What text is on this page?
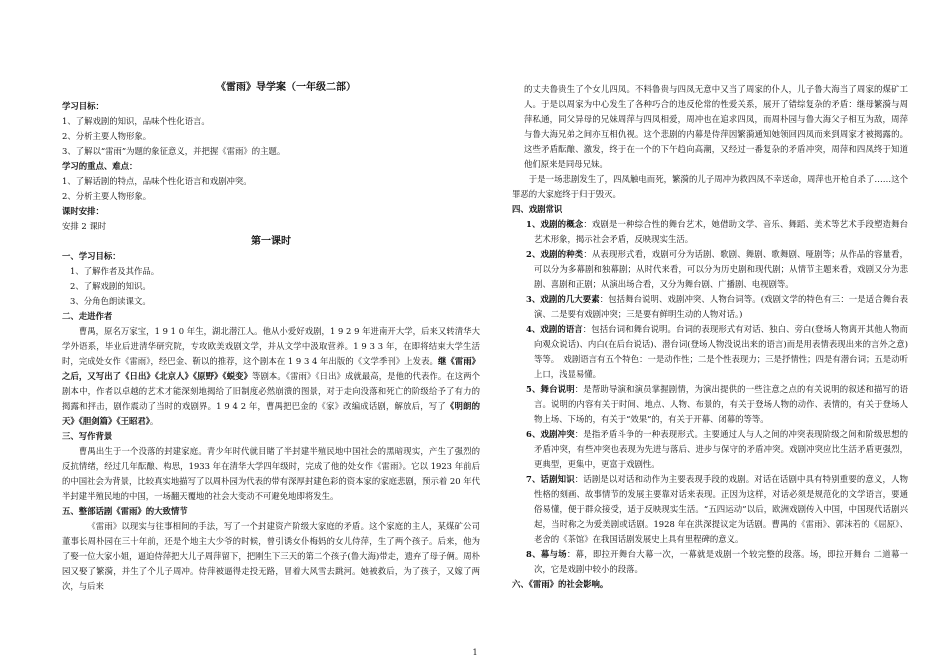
《雷雨》导学案（一年级二部）

学习目标：

1、了解戏剧的知识，品味个性化语言。

2、分析主要人物形象。

3、了解以“雷雨”为题的象征意义，并把握《雷雨》的主题。

学习的重点、难点：

1、了解话剧的特点，品味个性化语言和戏剧冲突。

2、分析主要人物形象。

课时安排：

安排 2 课时

第一课时

一、学习目标：

1、了解作者及其作品。

2、了解戏剧的知识。

3、分角色朗读课文。

二、走进作者

曹禺，原名万家宝，1 9 1 0 年生，湖北潜江人。他从小爱好戏剧，1 9 2 9 年进南开大学，后来又转清华大学外语系，毕业后进清华研究院，专攻欧美戏剧文学，并从文学中汲取营养。1 9 3 3 年，在即将结束大学生活时，完成处女作《雷雨》，经巴金、靳以的推荐，这个剧本在 1 9 3 4 年出版的《文学季刊》上发表。继《雷雨》之后，又写出了《日出》《北京人》《原野》《蜕变》等剧本。《雷雨》《日出》成就最高，是他的代表作。在这两个剧本中，作者以卓越的艺术才能深刻地揭给了旧制度必然崩溃的图景，对于走向没落和死亡的阶级给予了有力的揭露和抨击，剧作震动了当时的戏剧界。1 9 4 2 年，曹禺把巴金的《家》改编成话剧，解放后，写了《明朗的天》《胆剑篇》《王昭君》。

三、写作背景

曹禺出生于一个没落的封建家庭。青少年时代就目睹了半封建半殖民地中国社会的黑暗现实，产生了强烈的反抗情绪，经过几年酝酿、构思，1933 年在清华大学四年级时，完成了他的处女作《雷雨》。它以 1923 年前后的中国社会为背景，比较真实地描写了以周朴园为代表的带有深厚封建色彩的资本家的家庭悲剧，预示着 20 年代半封建半殖民地的中国，一场翻天覆地的社会大变动不可避免地即将发生。

五、整部话剧《雷雨》的大致情节

《雷雨》以现实与往事相间的手法，写了一个封建资产阶级大家庭的矛盾。这个家庭的主人，某煤矿公司董事长周朴园在三十年前，还是个地主大少爷的时候，曾引诱女仆梅妈的女儿侍萍，生了两个孩子。后来，他为了娶一位大家小姐，逼迫侍萍把大儿子周萍留下，把刚生下三天的第二个孩子(鲁大海)带走，遗弃了母子俩。周朴园又娶了繁漪，并生了个儿子周冲。侍萍被逼得走投无路，冒着大风雪去跳河。她被救后，为了孩子，又嫁了两次，与后来

的丈夫鲁贵生了个女儿四凤。不料鲁贵与四凤无意中又当了周家的仆人，儿子鲁大海当了周家的煤矿工人。于是以周家为中心发生了各种巧合的违反伦常的性爱关系，展开了错综复杂的矛盾：继母繁漪与周萍私通，同父异母的兄妹周萍与四凤相爱，周冲也在追求四凤，而周朴园与鲁大海父子相互为敌，周萍与鲁大海兄弟之间亦互相仇视。这个悲剧的内幕是侍萍因繁漪通知她领回四凤而来到周家才被揭露的。这些矛盾酝酿、激发，终于在一个的下午趋向高潮，又经过一番复杂的矛盾冲突，周萍和四凤终于知道他们原来是同母兄妹。

于是一场悲剧发生了，四凤触电而死，繁漪的儿子周冲为救四凤不幸送命，周萍也开枪自杀了……这个罪恶的大家庭终于归于毁灭。

四、戏剧常识

1、戏剧的概念：戏剧是一种综合性的舞台艺术，她借助文学、音乐、舞蹈、美术等艺术手段塑造舞台艺术形象，揭示社会矛盾，反映现实生活。

2、戏剧的种类：从表现形式看，戏剧可分为话剧、歌剧、舞剧、歌舞剧、哑剧等；从作品的容量看，可以分为多幕剧和独幕剧；从时代来看，可以分为历史剧和现代剧；从情节主题来看，戏剧又分为悲剧、喜剧和正剧；从演出场合看，又分为舞台剧、广播剧、电视剧等。

3、戏剧的几大要素：包括舞台说明、戏剧冲突、人物台词等。(戏剧文学的特色有三：一是适合舞台表演、二是要有戏剧冲突；三是要有鲜明生动的人物对话。)

4、戏剧的语言：包括台词和舞台说明。台词的表现形式有对话、独白、旁白(登场人物离开其他人物而向观众说话)、内白(在后台说话)、潜台词(登场人物没说出来的语言)而是用表情表现出来的言外之意)等等。　戏剧语言有五个特色：一是动作性；二是个性表现力；三是抒情性；四是有潜台词；五是动听上口，浅显易懂。

5、舞台说明：是帮助导演和演员掌握剧情，为演出提供的一些注意之点的有关说明的叙述和描写的语言。说明的内容有关于时间、地点、人物、布景的，有关于登场人物的动作、表情的，有关于登场人物上场、下场的，有关于“效果”的，有关于开幕、闭幕的等等。

6、戏剧冲突：是指矛盾斗争的一种表现形式。主要通过人与人之间的冲突表现阶级之间和阶级思想的矛盾冲突，有些冲突也表现为先进与落后、进步与保守的矛盾冲突。戏剧冲突应比生活矛盾更强烈，更典型，更集中，更富于戏剧性。

7、话剧知识：话剧是以对话和动作为主要表现手段的戏剧。对话在话剧中具有特别重要的意义，人物性格的刻画、故事情节的发展主要靠对话来表现。正因为这样，对话必须是规范化的文学语言，要通俗易懂，便于群众接受，适于反映现实生活。“五四运动”以后，欧洲戏剧传入中国，中国现代话剧兴起，当时称之为爱美剧或话剧。1928 年在洪深提议定为话剧。曹禺的《雷雨》、郭沫若的《屈原》、老舍的《茶馆》在我国话剧发展史上具有里程碑的意义。

8、幕与场：幕，即拉开舞台大幕一次，一幕就是戏剧一个较完整的段落。场，即拉开舞台 二道幕一次，它是戏剧中较小的段落。

六、《雷雨》的社会影响。

1
